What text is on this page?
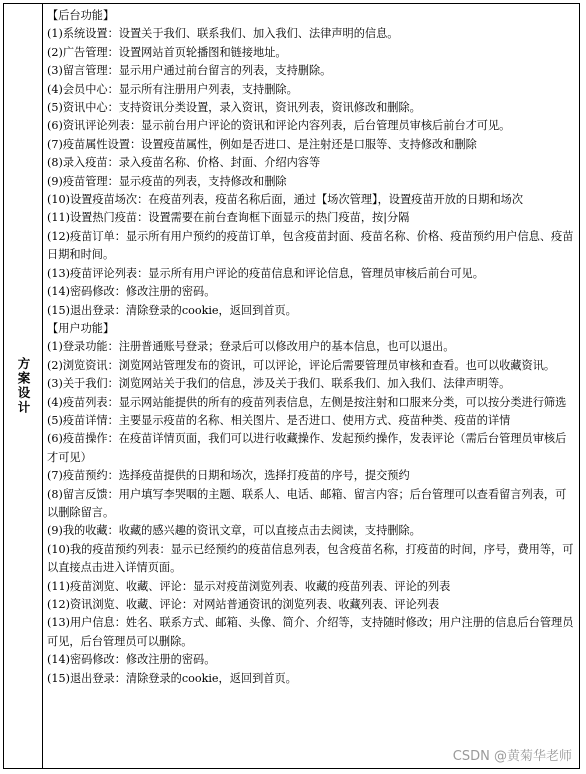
方案设计
【后台功能】
(1)系统设置：设置关于我们、联系我们、加入我们、法律声明的信息。
(2)广告管理：设置网站首页轮播图和链接地址。
(3)留言管理：显示用户通过前台留言的列表，支持删除。
(4)会员中心：显示所有注册用户列表，支持删除。
(5)资讯中心：支持资讯分类设置，录入资讯，资讯列表，资讯修改和删除。
(6)资讯评论列表：显示前台用户评论的资讯和评论内容列表，后台管理员审核后前台才可见。
(7)疫苗属性设置：设置疫苗属性，例如是否进口、是注射还是口服等、支持修改和删除
(8)录入疫苗：录入疫苗名称、价格、封面、介绍内容等
(9)疫苗管理：显示疫苗的列表，支持修改和删除
(10)设置疫苗场次：在疫苗列表，疫苗名称后面，通过【场次管理】，设置疫苗开放的日期和场次
(11)设置热门疫苗：设置需要在前台查询框下面显示的热门疫苗，按|分隔
(12)疫苗订单：显示所有用户预约的疫苗订单，包含疫苗封面、疫苗名称、价格、疫苗预约用户信息、疫苗日期和时间。
(13)疫苗评论列表：显示所有用户评论的疫苗信息和评论信息，管理员审核后前台可见。
(14)密码修改：修改注册的密码。
(15)退出登录：清除登录的cookie，返回到首页。
【用户功能】
(1)登录功能：注册普通账号登录；登录后可以修改用户的基本信息，也可以退出。
(2)浏览资讯：浏览网站管理发布的资讯，可以评论，评论后需要管理员审核和查看。也可以收藏资讯。
(3)关于我们：浏览网站关于我们的信息，涉及关于我们、联系我们、加入我们、法律声明等。
(4)疫苗列表：显示网站能提供的所有的疫苗列表信息，左侧是按注射和口服来分类，可以按分类进行筛选
(5)疫苗详情：主要显示疫苗的名称、相关图片、是否进口、使用方式、疫苗种类、疫苗的详情
(6)疫苗操作：在疫苗详情页面，我们可以进行收藏操作、发起预约操作，发表评论（需后台管理员审核后才可见）
(7)疫苗预约：选择疫苗提供的日期和场次，选择打疫苗的序号，提交预约
(8)留言反馈：用户填写李哭咽的主题、联系人、电话、邮箱、留言内容；后台管理可以查看留言列表，可以删除留言。
(9)我的收藏：收藏的感兴趣的资讯文章，可以直接点击去阅读，支持删除。
(10)我的疫苗预约列表：显示已经预约的疫苗信息列表，包含疫苗名称，打疫苗的时间，序号，费用等，可以直接点击进入详情页面。
(11)疫苗浏览、收藏、评论：显示对疫苗浏览列表、收藏的疫苗列表、评论的列表
(12)资讯浏览、收藏、评论：对网站普通资讯的浏览列表、收藏列表、评论列表
(13)用户信息：姓名、联系方式、邮箱、头像、简介、介绍等，支持随时修改；用户注册的信息后台管理员可见，后台管理员可以删除。
(14)密码修改：修改注册的密码。
(15)退出登录：清除登录的cookie，返回到首页。
CSDN @黄菊华老师
